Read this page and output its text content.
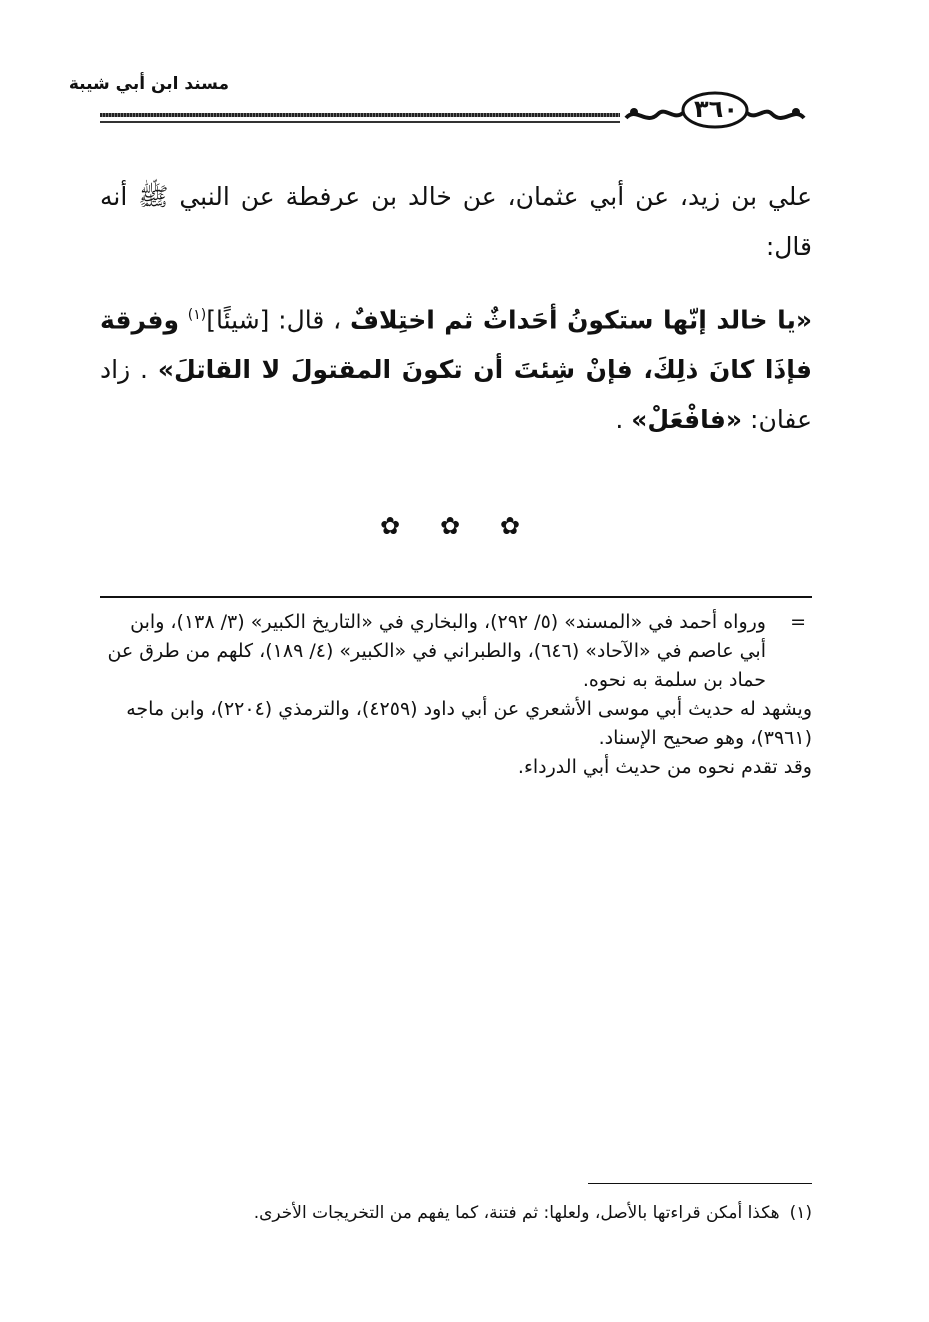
مسند ابن أبي شيبة
٣٦٠

علي بن زيد، عن أبي عثمان، عن خالد بن عرفطة عن النبي ﷺ أنه قال:

«يا خالد إنّها ستكونُ أحَداثٌ ثم اختِلافٌ ، قال: [شيئًا]$^{(١)}$ وفرقة فإذَا كانَ ذلِكَ، فإنْ شِئتَ أن تكونَ المقتولَ لا القاتلَ» . زاد عفان: «فافْعَلْ» .

✿ ✿ ✿

=
ورواه أحمد في «المسند» (٥/ ٢٩٢)، والبخاري في «التاريخ الكبير» (٣/ ١٣٨)، وابن أبي عاصم في «الآحاد» (٦٤٦)، والطبراني في «الكبير» (٤/ ١٨٩)، كلهم من طرق عن حماد بن سلمة به نحوه.

ويشهد له حديث أبي موسى الأشعري عن أبي داود (٤٢٥٩)، والترمذي (٢٢٠٤)، وابن ماجه (٣٩٦١)، وهو صحيح الإسناد.

وقد تقدم نحوه من حديث أبي الدرداء.

(١)هكذا أمكن قراءتها بالأصل، ولعلها: ثم فتنة، كما يفهم من التخريجات الأخرى.
